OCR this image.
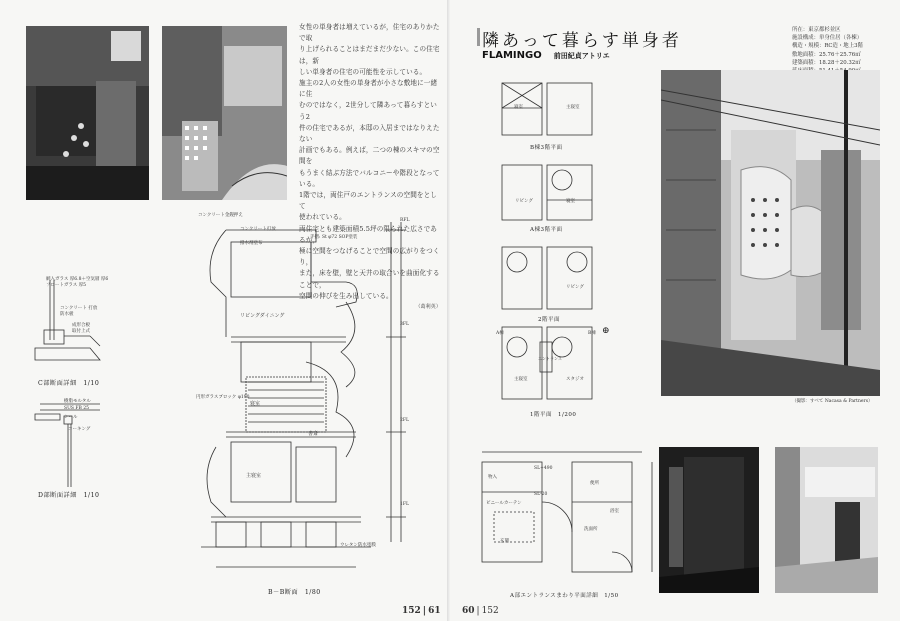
女性の単身者は増えているが，住宅のありかたで取

り上げられることはまだまだ少ない。この住宅は，新

しい単身者の住宅の可能性を示している。

施主の2人の女性の単身者が小さな敷地に一緒に住

むのではなく，2世分して隣あって暮らすという2

件の住宅であるが，本邸の入居まではなりえたない

計画でもある。例えば，二つの棟のスキマの空間を

もうまく結ぶ方法でバルコニーや階段となっている。

1階では，両住戸のエントランスの空間をとして

使われている。

両住宅とも建築面積5.5坪の限られた広さであるが，

極に空間をつなげることで空間の広がりをつくり，

また，床を壁，壁と天井の取合いを曲面化することで，

空間の伸びを生み出している。

（葛利英）

網入ガラス 厚6.8＋空気層 厚6
フロートガラス 厚5
コンクリート 打放
防水板
成形合板
取付上式
C部断面詳細　1/10
樹脂モルタル
SUS FB 25
シール
コーキング
D部断面詳細　1/10
コンクリート金鏝押え
コンクリート打放
手摺: St φ72 SOP塗装
撥水剤塗布
リビングダイニング
円形ガラスブロック φ190
寝室
主寝室
書斎
ウレタン防水塗膜
RFL
3FL
2FL
1FL
B－B断面　1/80
152 | 61
隣あって暮らす単身者
FLAMINGO 前田紀貞アトリエ
所在：東京都杉並区
施設構成：単身住居（各棟）
構造・規模：RC造・地上3階
敷地面積：25.76＋25.76㎡
建築面積：18.28＋20.32㎡
寝室	主寝室
B棟3階平面
リビング	寝室
A棟3階平面
リビング
2階平面
A棟	B棟
主寝室	スタジオ
エントランス
1階平面　1/200
⊕
（撮影：すべて Nacasa & Partners）
物入
SL+490
ビニールカーテン
玄関
SL-20
便所
浴室
洗面所
A部エントランスまわり平面詳細　1/50
60 | 152
